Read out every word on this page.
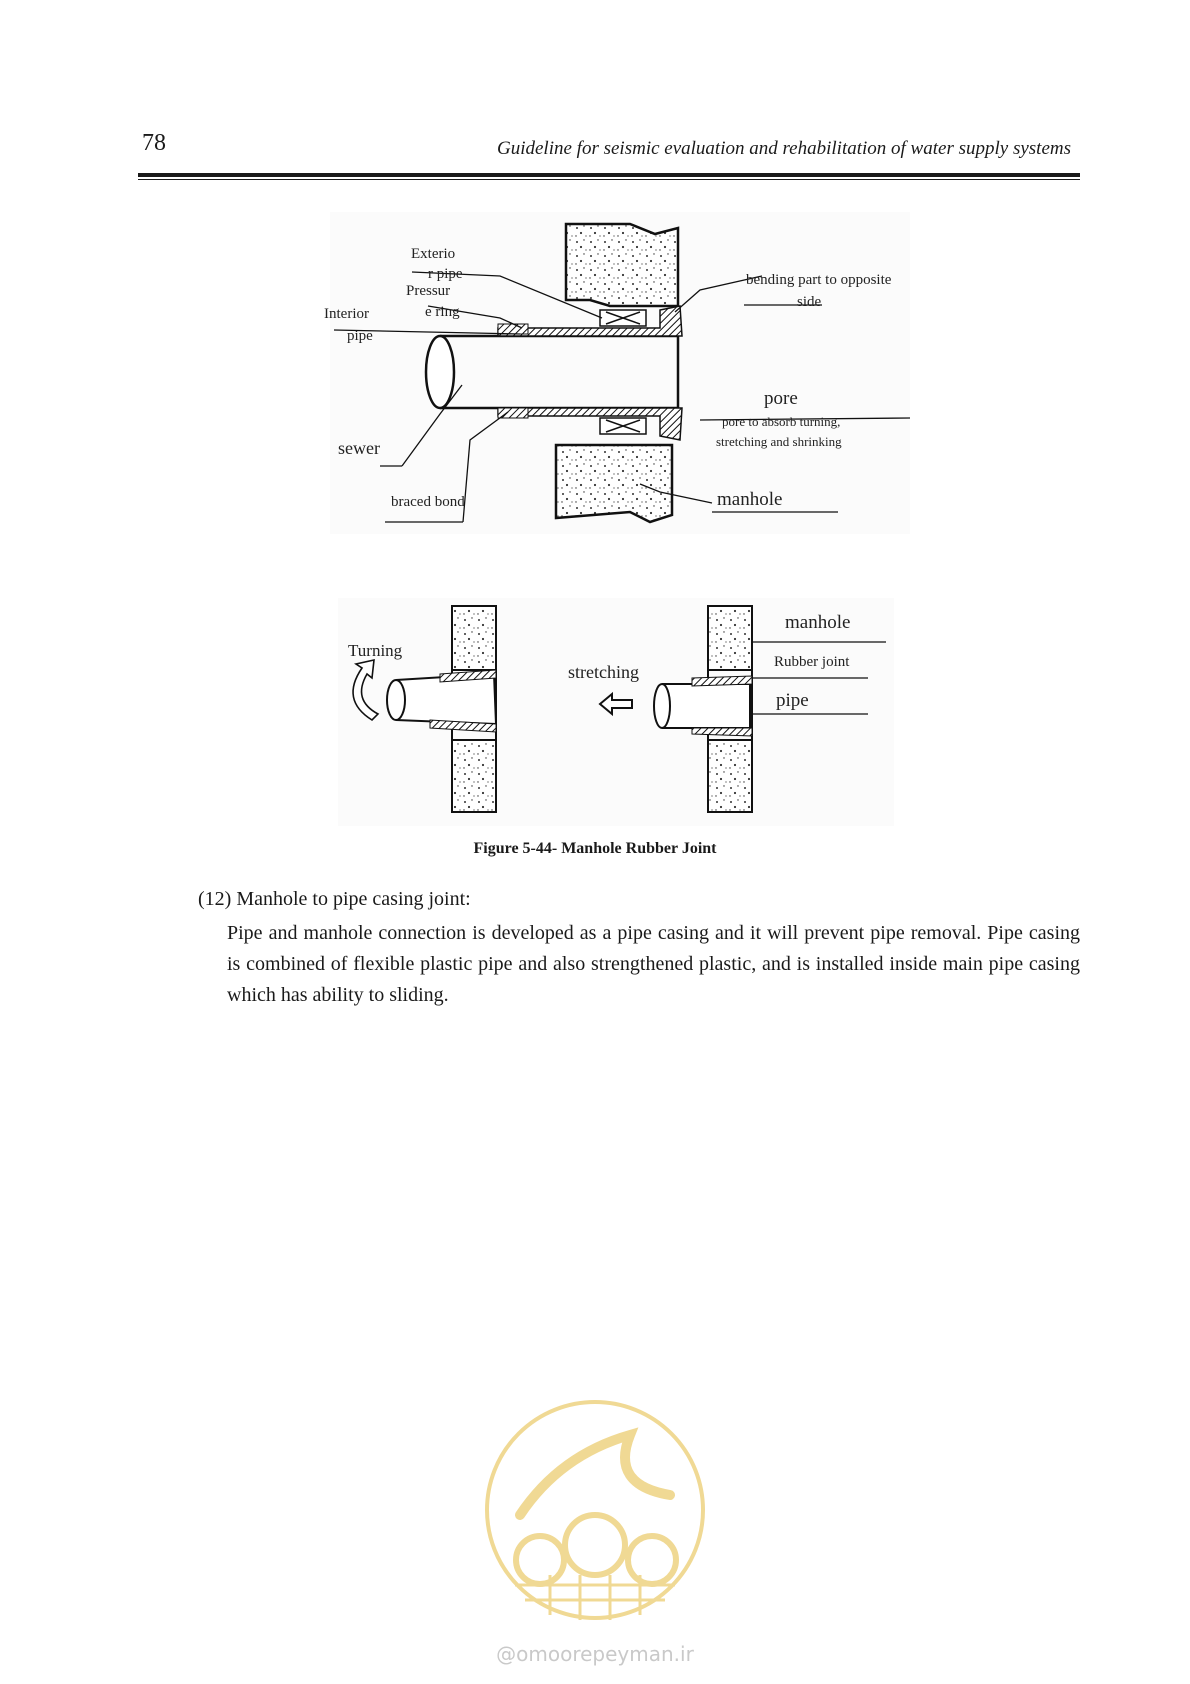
78	Guideline for seismic evaluation and rehabilitation of water supply systems
Exterio
r pipe
Pressur
e ring
Interior
pipe
bending part to opposite
side
pore
pore to absorb turning,
stretching and shrinking
sewer
braced bond	manhole
Turning
stretching
manhole
Rubber joint
pipe
Figure 5-44- Manhole Rubber Joint
(12) Manhole to pipe casing joint:
Pipe and manhole connection is developed as a pipe casing and it will prevent pipe removal. Pipe casing is combined of flexible plastic pipe and also strengthened plastic, and is installed inside main pipe casing which has ability to sliding.
@omoorepeyman.ir
